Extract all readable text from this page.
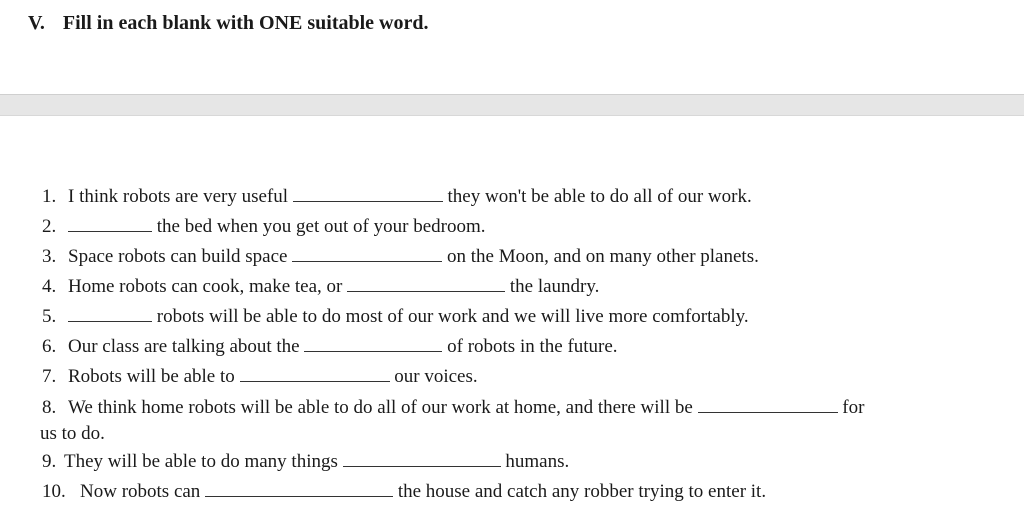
V. Fill in each blank with ONE suitable word.
1. I think robots are very useful	they won't be able to do all of our work.
2.	the bed when you get out of your bedroom.
3. Space robots can build space	on the Moon, and on many other planets.
4. Home robots can cook, make tea, or	the laundry.
5.	robots will be able to do most of our work and we will live more comfortably.
6. Our class are talking about the	of robots in the future.
7. Robots will be able to	our voices.
8. We think home robots will be able to do all of our work at home, and there will be	for
us to do.
9. They will be able to do many things	humans.
10. Now robots can	the house and catch any robber trying to enter it.
